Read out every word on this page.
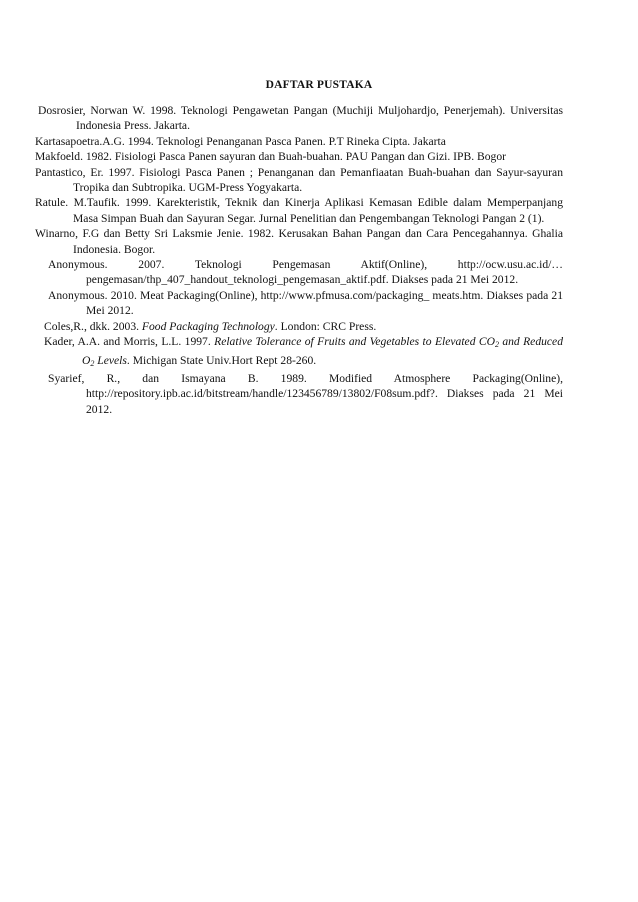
DAFTAR PUSTAKA

Dosrosier, Norwan W. 1998. Teknologi Pengawetan Pangan (Muchiji Muljohardjo, Penerjemah). Universitas Indonesia Press. Jakarta.

Kartasapoetra.A.G. 1994. Teknologi Penanganan Pasca Panen. P.T Rineka Cipta. Jakarta

Makfoeld. 1982. Fisiologi Pasca Panen sayuran dan Buah-buahan. PAU Pangan dan Gizi. IPB. Bogor

Pantastico, Er. 1997. Fisiologi Pasca Panen ; Penanganan dan Pemanfiaatan Buah-buahan dan Sayur-sayuran Tropika dan Subtropika. UGM-Press Yogyakarta.

Ratule. M.Taufik. 1999. Karekteristik, Teknik dan Kinerja Aplikasi Kemasan Edible dalam Memperpanjang Masa Simpan Buah dan Sayuran Segar. Jurnal Penelitian dan Pengembangan Teknologi Pangan 2 (1).

Winarno, F.G dan Betty Sri Laksmie Jenie. 1982. Kerusakan Bahan Pangan dan Cara Pencegahannya. Ghalia Indonesia. Bogor.

Anonymous. 2007. Teknologi Pengemasan Aktif(Online), http://ocw.usu.ac.id/…pengemasan/thp_407_handout_teknologi_pengemasan_aktif.pdf. Diakses pada 21 Mei 2012.

Anonymous. 2010. Meat Packaging(Online), http://www.pfmusa.com/packaging_ meats.htm. Diakses pada 21 Mei 2012.

Coles,R., dkk. 2003. Food Packaging Technology. London: CRC Press.

Kader, A.A. and Morris, L.L. 1997. Relative Tolerance of Fruits and Vegetables to Elevated $CO_2$ and Reduced $O_2$ Levels. Michigan State Univ.Hort Rept 28-260.

Syarief, R., dan Ismayana B. 1989. Modified Atmosphere Packaging(Online), http://repository.ipb.ac.id/bitstream/handle/123456789/13802/F08sum.pdf?. Diakses pada 21 Mei 2012.
